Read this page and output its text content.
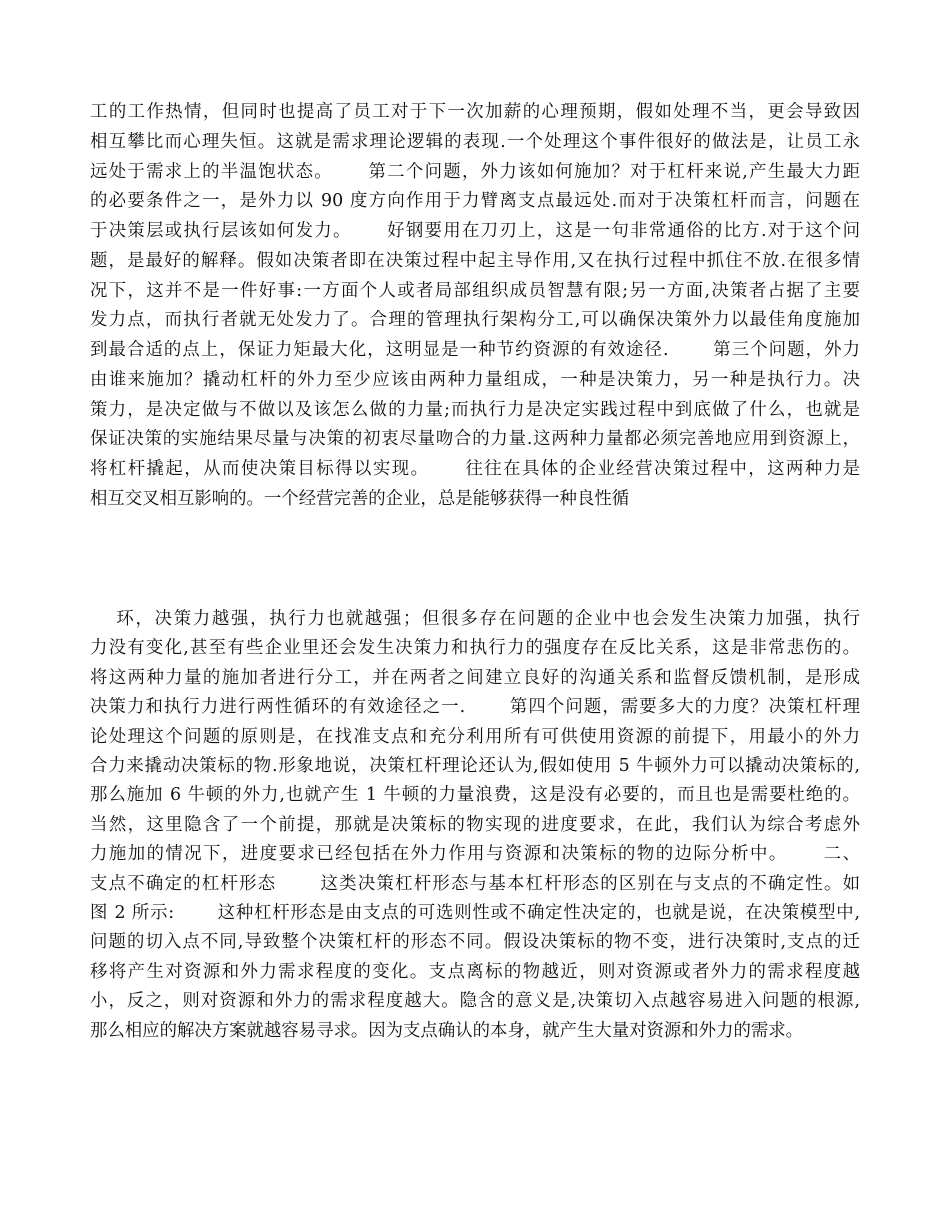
工的工作热情，但同时也提高了员工对于下一次加薪的心理预期，假如处理不当，更会导致因
相互攀比而心理失恒。这就是需求理论逻辑的表现.一个处理这个事件很好的做法是，让员工永
远处于需求上的半温饱状态。　　 第二个问题，外力该如何施加？对于杠杆来说,产生最大力距
的必要条件之一，是外力以 90 度方向作用于力臂离支点最远处.而对于决策杠杆而言，问题在
于决策层或执行层该如何发力。　　 好钢要用在刀刃上，这是一句非常通俗的比方.对于这个问
题，是最好的解释。假如决策者即在决策过程中起主导作用,又在执行过程中抓住不放.在很多情
况下，这并不是一件好事:一方面个人或者局部组织成员智慧有限;另一方面,决策者占据了主要
发力点，而执行者就无处发力了。合理的管理执行架构分工,可以确保决策外力以最佳角度施加
到最合适的点上，保证力矩最大化，这明显是一种节约资源的有效途径.　　 第三个问题，外力
由谁来施加？撬动杠杆的外力至少应该由两种力量组成，一种是决策力，另一种是执行力。决
策力，是决定做与不做以及该怎么做的力量;而执行力是决定实践过程中到底做了什么，也就是
保证决策的实施结果尽量与决策的初衷尽量吻合的力量.这两种力量都必须完善地应用到资源上，
将杠杆撬起，从而使决策目标得以实现。　　 往往在具体的企业经营决策过程中，这两种力是
相互交叉相互影响的。一个经营完善的企业，总是能够获得一种良性循
　 环，决策力越强，执行力也就越强；但很多存在问题的企业中也会发生决策力加强，执行
力没有变化,甚至有些企业里还会发生决策力和执行力的强度存在反比关系，这是非常悲伤的。
将这两种力量的施加者进行分工，并在两者之间建立良好的沟通关系和监督反馈机制，是形成
决策力和执行力进行两性循环的有效途径之一.　　 第四个问题，需要多大的力度？决策杠杆理
论处理这个问题的原则是，在找准支点和充分利用所有可供使用资源的前提下，用最小的外力
合力来撬动决策标的物.形象地说，决策杠杆理论还认为,假如使用 5 牛顿外力可以撬动决策标的,
那么施加 6 牛顿的外力,也就产生 1 牛顿的力量浪费，这是没有必要的，而且也是需要杜绝的。
当然，这里隐含了一个前提，那就是决策标的物实现的进度要求，在此，我们认为综合考虑外
力施加的情况下，进度要求已经包括在外力作用与资源和决策标的物的边际分析中。　　 二、
支点不确定的杠杆形态　　 这类决策杠杆形态与基本杠杆形态的区别在与支点的不确定性。如
图 2 所示:　　 这种杠杆形态是由支点的可选则性或不确定性决定的，也就是说，在决策模型中,
问题的切入点不同,导致整个决策杠杆的形态不同。假设决策标的物不变，进行决策时,支点的迁
移将产生对资源和外力需求程度的变化。支点离标的物越近，则对资源或者外力的需求程度越
小，反之，则对资源和外力的需求程度越大。隐含的意义是,决策切入点越容易进入问题的根源,
那么相应的解决方案就越容易寻求。因为支点确认的本身，就产生大量对资源和外力的需求。
